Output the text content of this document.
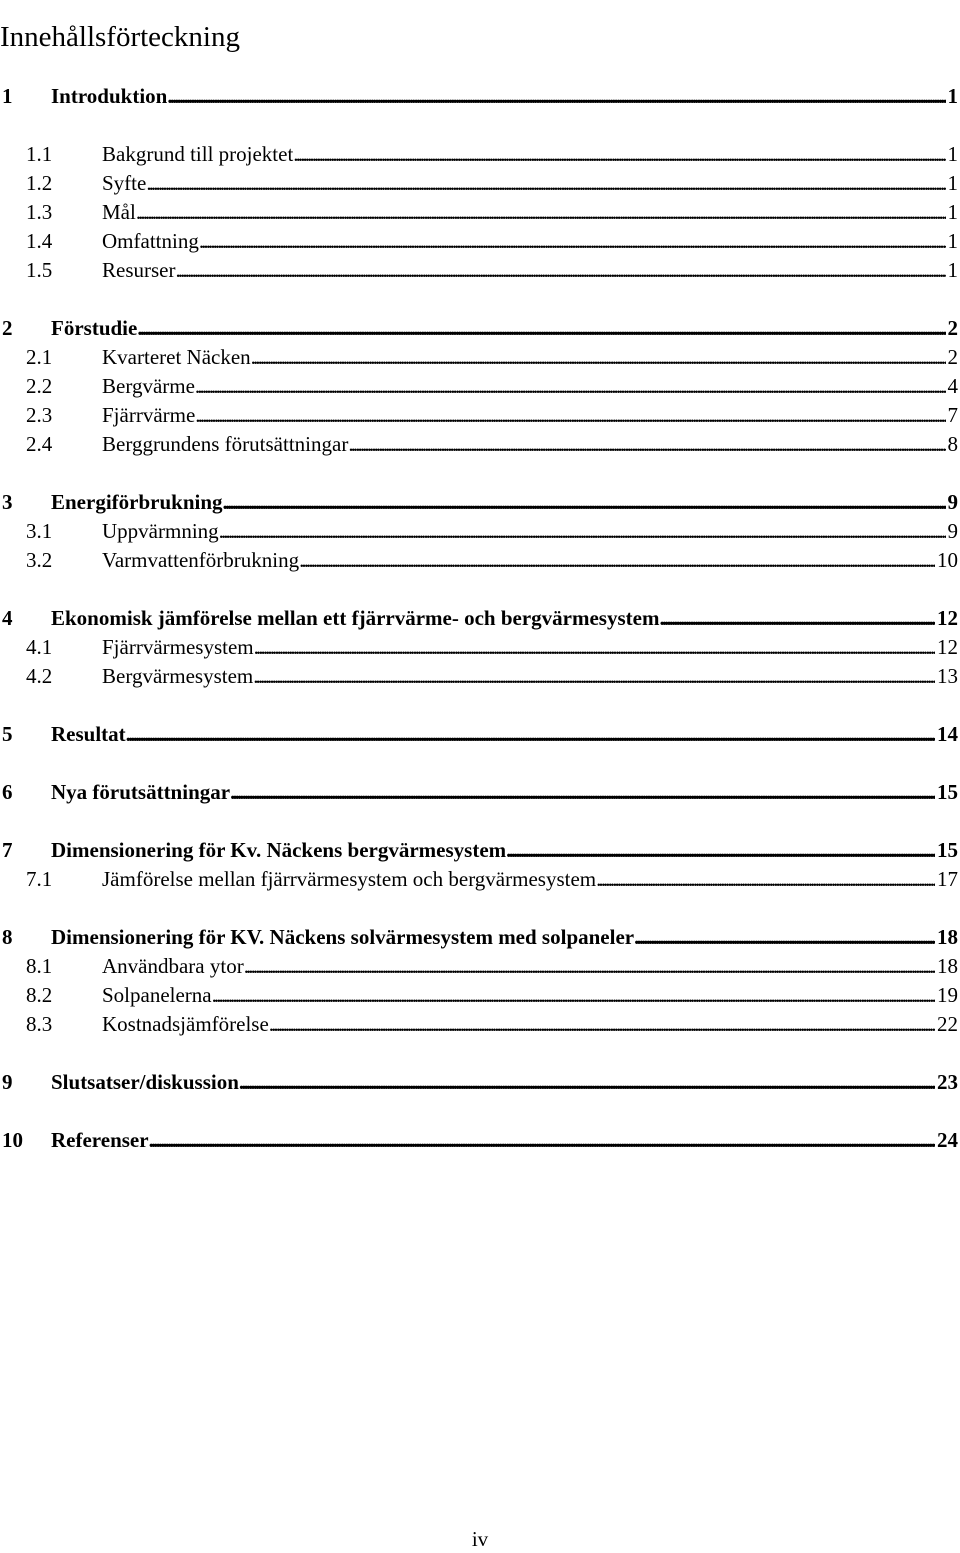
Innehållsförteckning
1 Introduktion . . .	1
1.1 Bakgrund till projektet . . .	1
1.2 Syfte . . .	1
1.3 Mål . . .	1
1.4 Omfattning . . .	1
1.5 Resurser . . .	1
2 Förstudie . . .	2
2.1 Kvarteret Näcken . . .	2
2.2 Bergvärme . . .	4
2.3 Fjärrvärme . . .	7
2.4 Berggrundens förutsättningar . . .	8
3 Energiförbrukning . . .	9
3.1 Uppvärmning . . .	9
3.2 Varmvattenförbrukning . . .	10
4 Ekonomisk jämförelse mellan ett fjärrvärme- och bergvärmesystem . . .	12
4.1 Fjärrvärmesystem . . .	12
4.2 Bergvärmesystem . . .	13
5 Resultat . . .	14
6 Nya förutsättningar . . .	15
7 Dimensionering för Kv. Näckens bergvärmesystem . . .	15
7.1 Jämförelse mellan fjärrvärmesystem och bergvärmesystem . . .	17
8 Dimensionering för KV. Näckens solvärmesystem med solpaneler . . .	18
8.1 Användbara ytor . . .	18
8.2 Solpanelerna . . .	19
8.3 Kostnadsjämförelse . . .	22
9 Slutsatser/diskussion . . .	23
10 Referenser . . .	24
iv
